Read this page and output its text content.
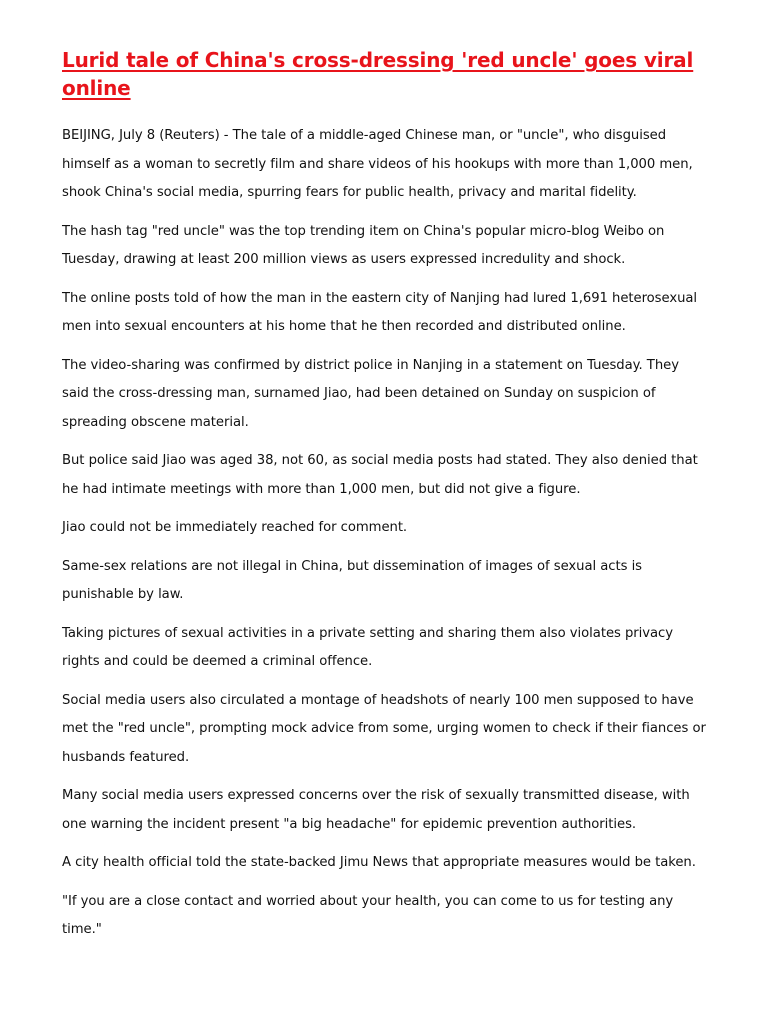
Lurid tale of China's cross-dressing 'red uncle' goes viral online

BEIJING, July 8 (Reuters) - The tale of a middle-aged Chinese man, or "uncle", who disguised himself as a woman to secretly film and share videos of his hookups with more than 1,000 men, shook China's social media, spurring fears for public health, privacy and marital fidelity.

The hash tag "red uncle" was the top trending item on China's popular micro-blog Weibo on Tuesday, drawing at least 200 million views as users expressed incredulity and shock.

The online posts told of how the man in the eastern city of Nanjing had lured 1,691 heterosexual men into sexual encounters at his home that he then recorded and distributed online.

The video-sharing was confirmed by district police in Nanjing in a statement on Tuesday. They said the cross-dressing man, surnamed Jiao, had been detained on Sunday on suspicion of spreading obscene material.

But police said Jiao was aged 38, not 60, as social media posts had stated. They also denied that he had intimate meetings with more than 1,000 men, but did not give a figure.

Jiao could not be immediately reached for comment.

Same-sex relations are not illegal in China, but dissemination of images of sexual acts is punishable by law.

Taking pictures of sexual activities in a private setting and sharing them also violates privacy rights and could be deemed a criminal offence.

Social media users also circulated a montage of headshots of nearly 100 men supposed to have met the "red uncle", prompting mock advice from some, urging women to check if their fiances or husbands featured.

Many social media users expressed concerns over the risk of sexually transmitted disease, with one warning the incident present "a big headache" for epidemic prevention authorities.

A city health official told the state-backed Jimu News that appropriate measures would be taken.

"If you are a close contact and worried about your health, you can come to us for testing any time."
